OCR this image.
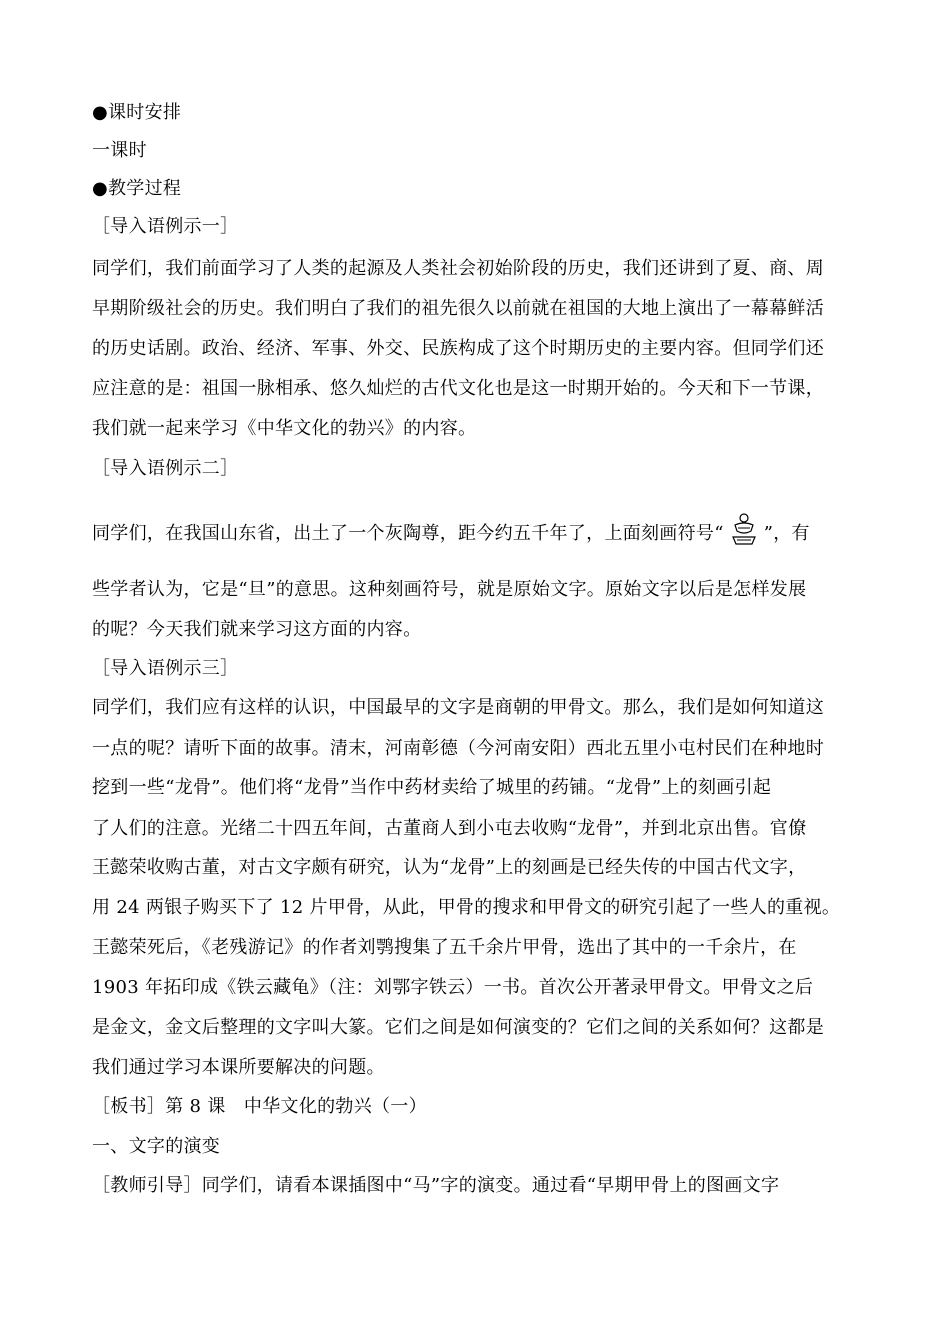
●课时安排
一课时
●教学过程
［导入语例示一］
同学们，我们前面学习了人类的起源及人类社会初始阶段的历史，我们还讲到了夏、商、周
早期阶级社会的历史。我们明白了我们的祖先很久以前就在祖国的大地上演出了一幕幕鲜活
的历史话剧。政治、经济、军事、外交、民族构成了这个时期历史的主要内容。但同学们还
应注意的是：祖国一脉相承、悠久灿烂的古代文化也是这一时期开始的。今天和下一节课，
我们就一起来学习《中华文化的勃兴》的内容。
［导入语例示二］
同学们，在我国山东省，出土了一个灰陶尊，距今约五千年了，上面刻画符号“ ”，有
些学者认为，它是“旦”的意思。这种刻画符号，就是原始文字。原始文字以后是怎样发展
的呢？今天我们就来学习这方面的内容。
［导入语例示三］
同学们，我们应有这样的认识，中国最早的文字是商朝的甲骨文。那么，我们是如何知道这
一点的呢？请听下面的故事。清末，河南彰德（今河南安阳）西北五里小屯村民们在种地时
挖到一些“龙骨”。他们将“龙骨”当作中药材卖给了城里的药铺。“龙骨”上的刻画引起
了人们的注意。光绪二十四五年间，古董商人到小屯去收购“龙骨”，并到北京出售。官僚
王懿荣收购古董，对古文字颇有研究，认为“龙骨”上的刻画是已经失传的中国古代文字，
用 24 两银子购买下了 12 片甲骨，从此，甲骨的搜求和甲骨文的研究引起了一些人的重视。
王懿荣死后，《老残游记》的作者刘鹗搜集了五千余片甲骨，选出了其中的一千余片，在
1903 年拓印成《铁云藏龟》（注：刘鄂字铁云）一书。首次公开著录甲骨文。甲骨文之后
是金文，金文后整理的文字叫大篆。它们之间是如何演变的？它们之间的关系如何？这都是
我们通过学习本课所要解决的问题。
［板书］第 8 课　中华文化的勃兴（一）
一、文字的演变
［教师引导］同学们，请看本课插图中“马”字的演变。通过看“早期甲骨上的图画文字
